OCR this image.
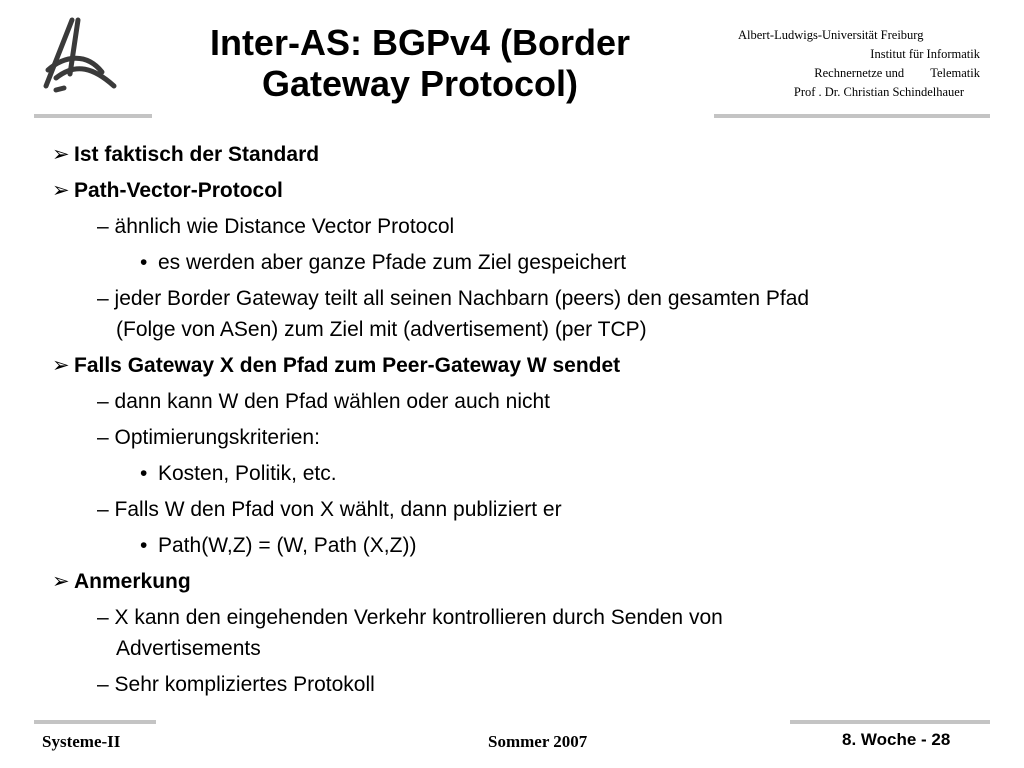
Inter-AS: BGPv4 (Border
Gateway Protocol)
Albert-Ludwigs-Universität Freiburg
Institut für Informatik
Rechnernetze und Telematik
Prof . Dr. Christian Schindelhauer
➢ Ist faktisch der Standard
➢ Path-Vector-Protocol
– ähnlich wie Distance Vector Protocol
• es werden aber ganze Pfade zum Ziel gespeichert
– jeder Border Gateway teilt all seinen Nachbarn (peers) den gesamten Pfad
(Folge von ASen) zum Ziel mit (advertisement) (per TCP)
➢ Falls Gateway X den Pfad zum Peer-Gateway W sendet
– dann kann W den Pfad wählen oder auch nicht
– Optimierungskriterien:
• Kosten, Politik, etc.
– Falls W den Pfad von X wählt, dann publiziert er
• Path(W,Z) = (W, Path (X,Z))
➢ Anmerkung
– X kann den eingehenden Verkehr kontrollieren durch Senden von
Advertisements
– Sehr kompliziertes Protokoll
Systeme-II	Sommer 2007	8. Woche - 28
